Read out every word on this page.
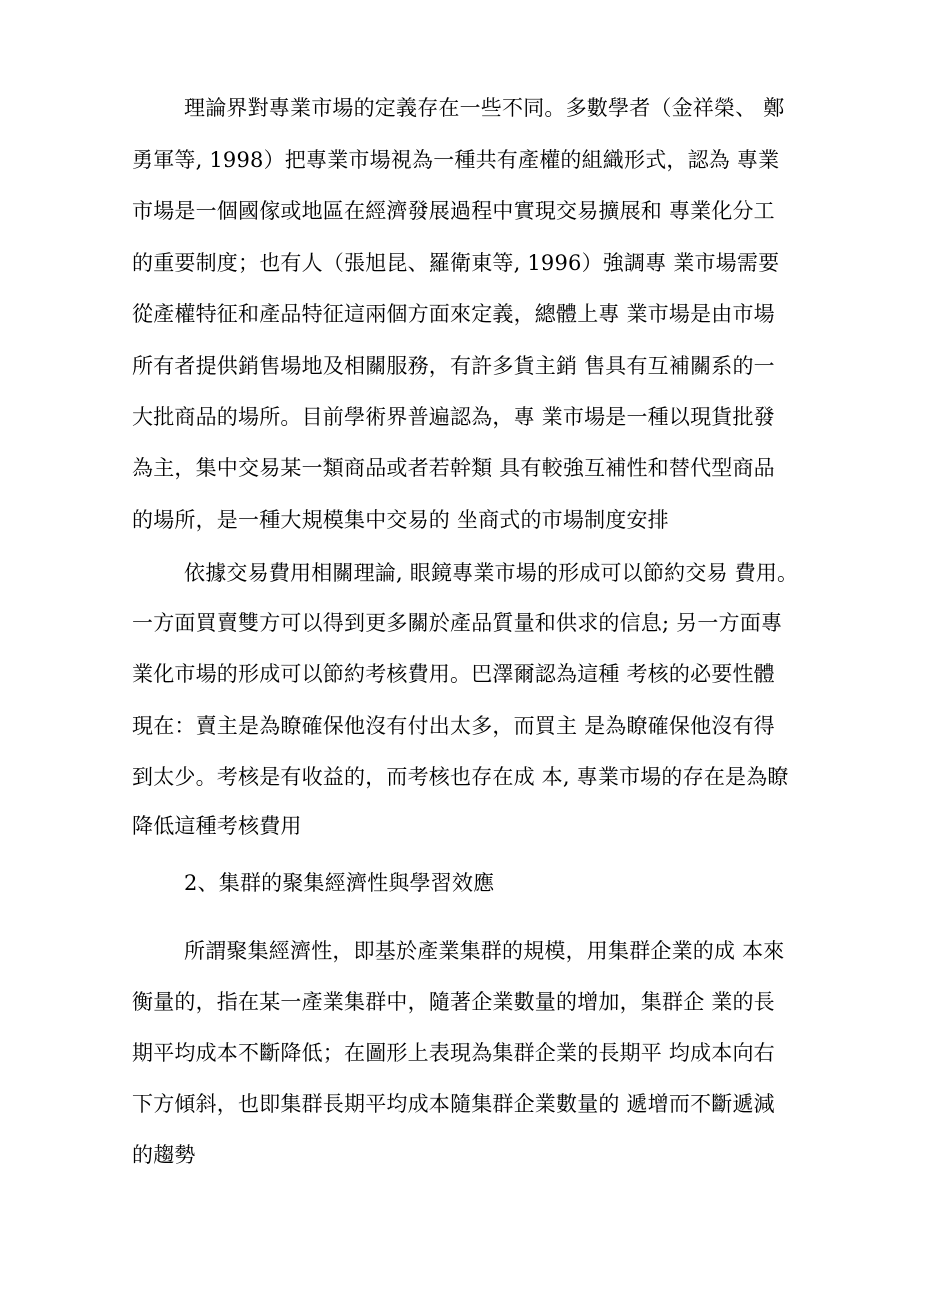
理論界對專業市場的定義存在一些不同。多數學者（金祥榮、 鄭
勇軍等, 1998）把專業市場視為一種共有產權的組織形式，認為 專業
市場是一個國傢或地區在經濟發展過程中實現交易擴展和 專業化分工
的重要制度；也有人（張旭昆、羅衛東等, 1996）強調專 業市場需要
從產權特征和產品特征這兩個方面來定義，總體上專 業市場是由市場
所有者提供銷售場地及相關服務，有許多貨主銷 售具有互補關系的一
大批商品的場所。目前學術界普遍認為，專 業市場是一種以現貨批發
為主，集中交易某一類商品或者若幹類 具有較強互補性和替代型商品
的場所，是一種大規模集中交易的 坐商式的市場制度安排
依據交易費用相關理論, 眼鏡專業市場的形成可以節約交易 費用。
一方面買賣雙方可以得到更多關於產品質量和供求的信息; 另一方面專
業化市場的形成可以節約考核費用。巴澤爾認為這種 考核的必要性體
現在：賣主是為瞭確保他沒有付出太多，而買主 是為瞭確保他沒有得
到太少。考核是有收益的，而考核也存在成 本, 專業市場的存在是為瞭
降低這種考核費用
2、集群的聚集經濟性與學習效應
所謂聚集經濟性，即基於產業集群的規模，用集群企業的成 本來
衡量的，指在某一產業集群中，隨著企業數量的增加，集群企 業的長
期平均成本不斷降低；在圖形上表現為集群企業的長期平 均成本向右
下方傾斜，也即集群長期平均成本隨集群企業數量的 遞增而不斷遞減
的趨勢
